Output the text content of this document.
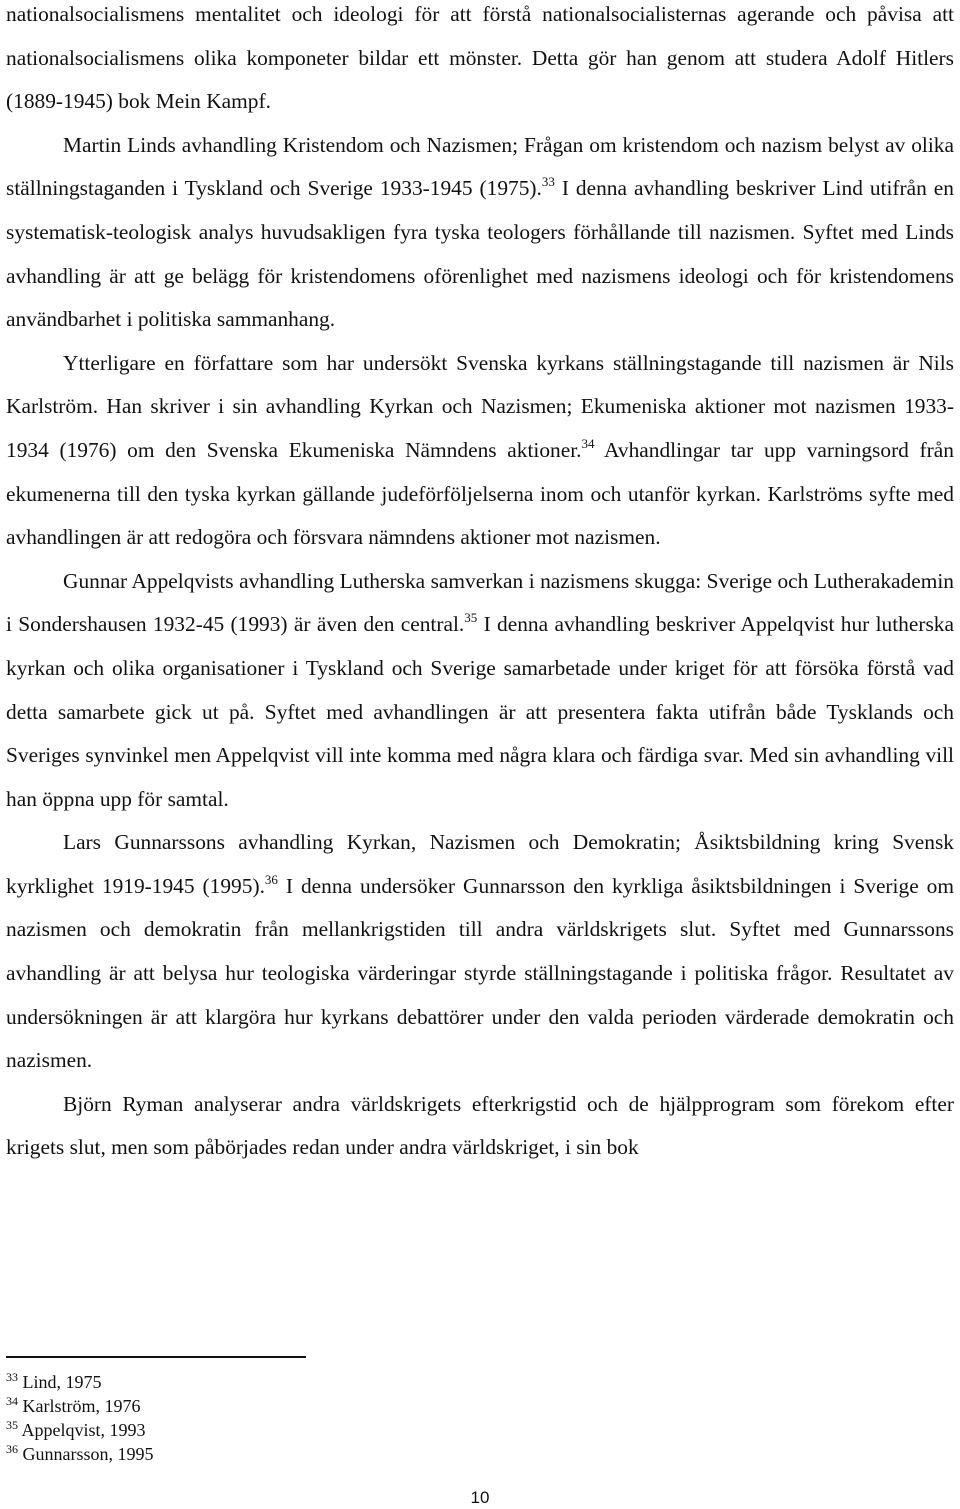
nationalsocialismens mentalitet och ideologi för att förstå nationalsocialisternas agerande och påvisa att nationalsocialismens olika komponeter bildar ett mönster. Detta gör han genom att studera Adolf Hitlers (1889-1945) bok Mein Kampf.

Martin Linds avhandling Kristendom och Nazismen; Frågan om kristendom och nazism belyst av olika ställningstaganden i Tyskland och Sverige 1933-1945 (1975).$^{33}$ I denna avhandling beskriver Lind utifrån en systematisk-teologisk analys huvudsakligen fyra tyska teologers förhållande till nazismen. Syftet med Linds avhandling är att ge belägg för kristendomens oförenlighet med nazismens ideologi och för kristendomens användbarhet i politiska sammanhang.

Ytterligare en författare som har undersökt Svenska kyrkans ställningstagande till nazismen är Nils Karlström. Han skriver i sin avhandling Kyrkan och Nazismen; Ekumeniska aktioner mot nazismen 1933-1934 (1976) om den Svenska Ekumeniska Nämndens aktioner.$^{34}$ Avhandlingar tar upp varningsord från ekumenerna till den tyska kyrkan gällande judeförföljelserna inom och utanför kyrkan. Karlströms syfte med avhandlingen är att redogöra och försvara nämndens aktioner mot nazismen.

Gunnar Appelqvists avhandling Lutherska samverkan i nazismens skugga: Sverige och Lutherakademin i Sondershausen 1932-45 (1993) är även den central.$^{35}$ I denna avhandling beskriver Appelqvist hur lutherska kyrkan och olika organisationer i Tyskland och Sverige samarbetade under kriget för att försöka förstå vad detta samarbete gick ut på. Syftet med avhandlingen är att presentera fakta utifrån både Tysklands och Sveriges synvinkel men Appelqvist vill inte komma med några klara och färdiga svar. Med sin avhandling vill han öppna upp för samtal.

Lars Gunnarssons avhandling Kyrkan, Nazismen och Demokratin; Åsiktsbildning kring Svensk kyrklighet 1919-1945 (1995).$^{36}$ I denna undersöker Gunnarsson den kyrkliga åsiktsbildningen i Sverige om nazismen och demokratin från mellankrigstiden till andra världskrigets slut. Syftet med Gunnarssons avhandling är att belysa hur teologiska värderingar styrde ställningstagande i politiska frågor. Resultatet av undersökningen är att klargöra hur kyrkans debattörer under den valda perioden värderade demokratin och nazismen.

Björn Ryman analyserar andra världskrigets efterkrigstid och de hjälpprogram som förekom efter krigets slut, men som påbörjades redan under andra världskriget, i sin bok

$^{33}$ Lind, 1975
$^{34}$ Karlström, 1976
$^{35}$ Appelqvist, 1993
$^{36}$ Gunnarsson, 1995
10
